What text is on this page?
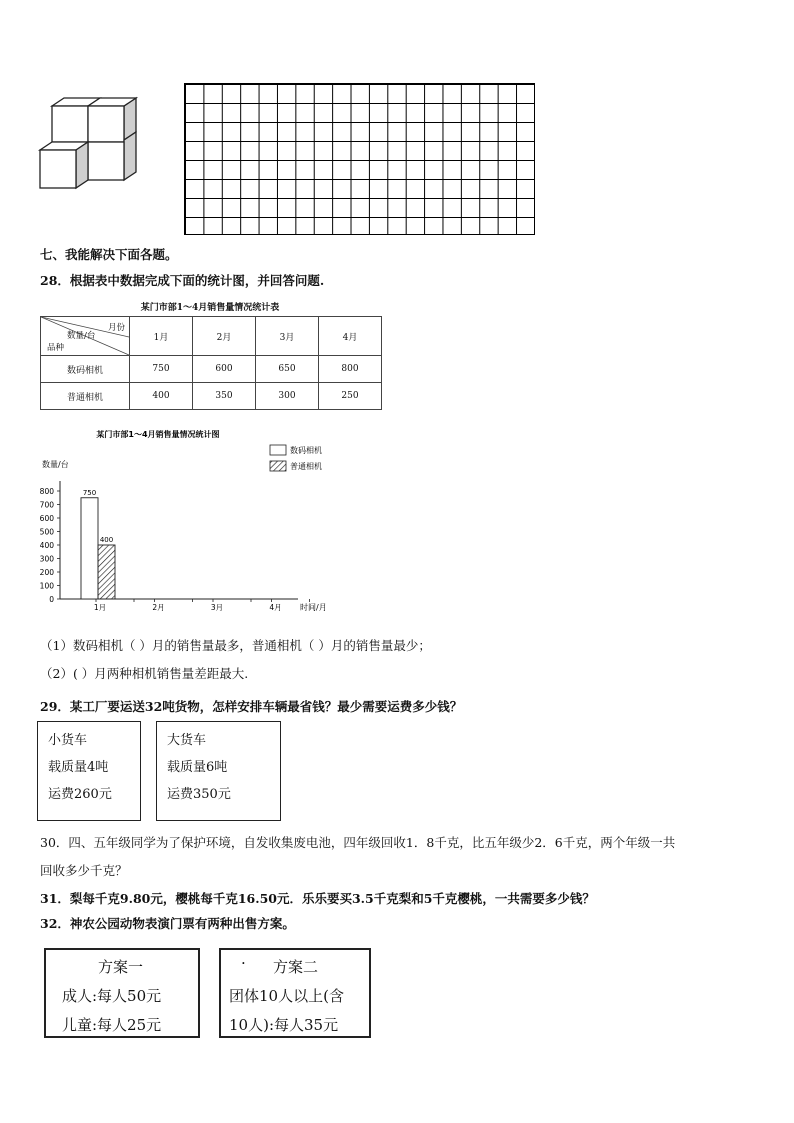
七、我能解决下面各题。
28．根据表中数据完成下面的统计图，并回答问题.
某门市部1～4月销售量情况统计表
月份
数量/台
品种	1月	2月	3月	4月
数码相机	750	600	650	800
普通相机	400	350	300	250
某门市部1～4月销售量情况统计图
数码相机
普通相机
数量/台
时间/月
0
100
200
300
400
500
600
700
800
1月
750
400
2月	3月	4月
（1）数码相机（ ）月的销售量最多，普通相机（ ）月的销售量最少；
（2）( ）月两种相机销售量差距最大.
29．某工厂要运送32吨货物，怎样安排车辆最省钱？最少需要运费多少钱？
小货车
载质量4吨
运费260元
大货车
载质量6吨
运费350元
30．四、五年级同学为了保护环境，自发收集废电池，四年级回收1．8千克，比五年级少2．6千克，两个年级一共
回收多少千克？
31．梨每千克9.80元，樱桃每千克16.50元．乐乐要买3.5千克梨和5千克樱桃，一共需要多少钱？
32．神农公园动物表演门票有两种出售方案。
方案一
成人:每人50元
儿童:每人25元
· 方案二
团体10人以上(含
10人):每人35元
